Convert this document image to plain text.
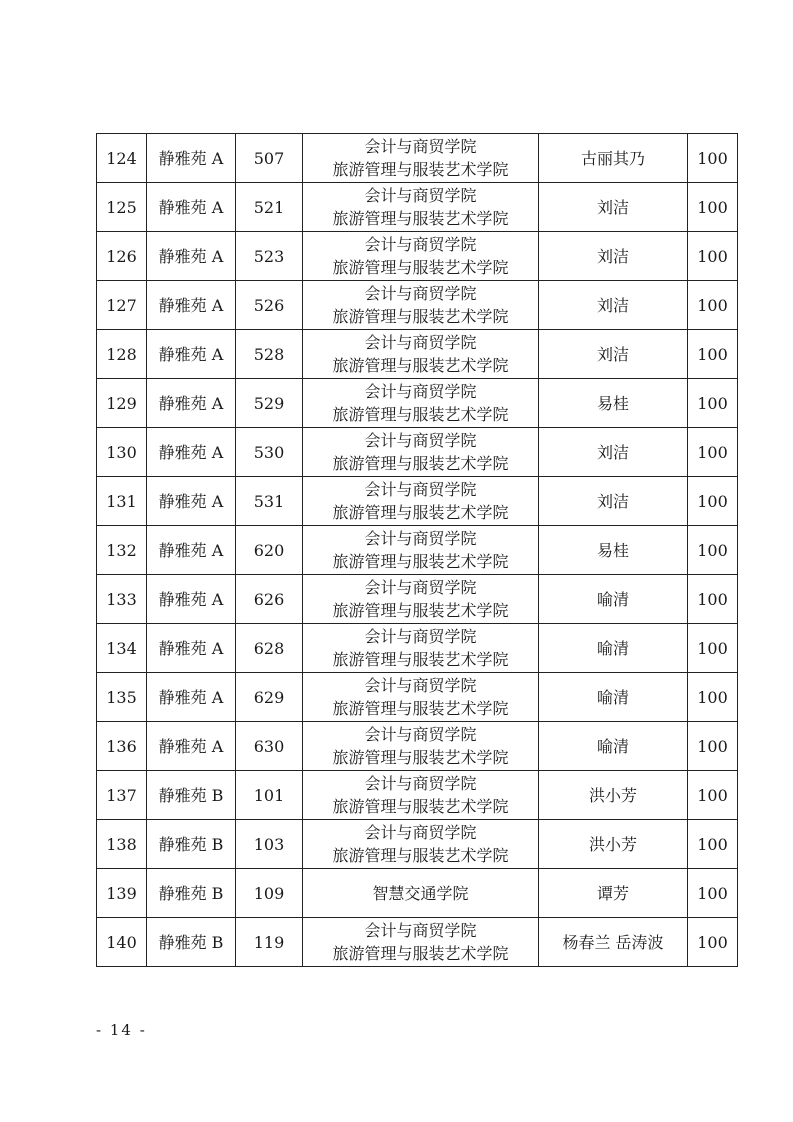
124	静雅苑 A	507	会计与商贸学院
旅游管理与服装艺术学院	古丽其乃	100
125	静雅苑 A	521	会计与商贸学院
旅游管理与服装艺术学院	刘洁	100
126	静雅苑 A	523	会计与商贸学院
旅游管理与服装艺术学院	刘洁	100
127	静雅苑 A	526	会计与商贸学院
旅游管理与服装艺术学院	刘洁	100
128	静雅苑 A	528	会计与商贸学院
旅游管理与服装艺术学院	刘洁	100
129	静雅苑 A	529	会计与商贸学院
旅游管理与服装艺术学院	易桂	100
130	静雅苑 A	530	会计与商贸学院
旅游管理与服装艺术学院	刘洁	100
131	静雅苑 A	531	会计与商贸学院
旅游管理与服装艺术学院	刘洁	100
132	静雅苑 A	620	会计与商贸学院
旅游管理与服装艺术学院	易桂	100
133	静雅苑 A	626	会计与商贸学院
旅游管理与服装艺术学院	喻清	100
134	静雅苑 A	628	会计与商贸学院
旅游管理与服装艺术学院	喻清	100
135	静雅苑 A	629	会计与商贸学院
旅游管理与服装艺术学院	喻清	100
136	静雅苑 A	630	会计与商贸学院
旅游管理与服装艺术学院	喻清	100
137	静雅苑 B	101	会计与商贸学院
旅游管理与服装艺术学院	洪小芳	100
138	静雅苑 B	103	会计与商贸学院
旅游管理与服装艺术学院	洪小芳	100
139	静雅苑 B	109	智慧交通学院	谭芳	100
140	静雅苑 B	119	会计与商贸学院
旅游管理与服装艺术学院	杨春兰 岳涛波	100
- 14 -
